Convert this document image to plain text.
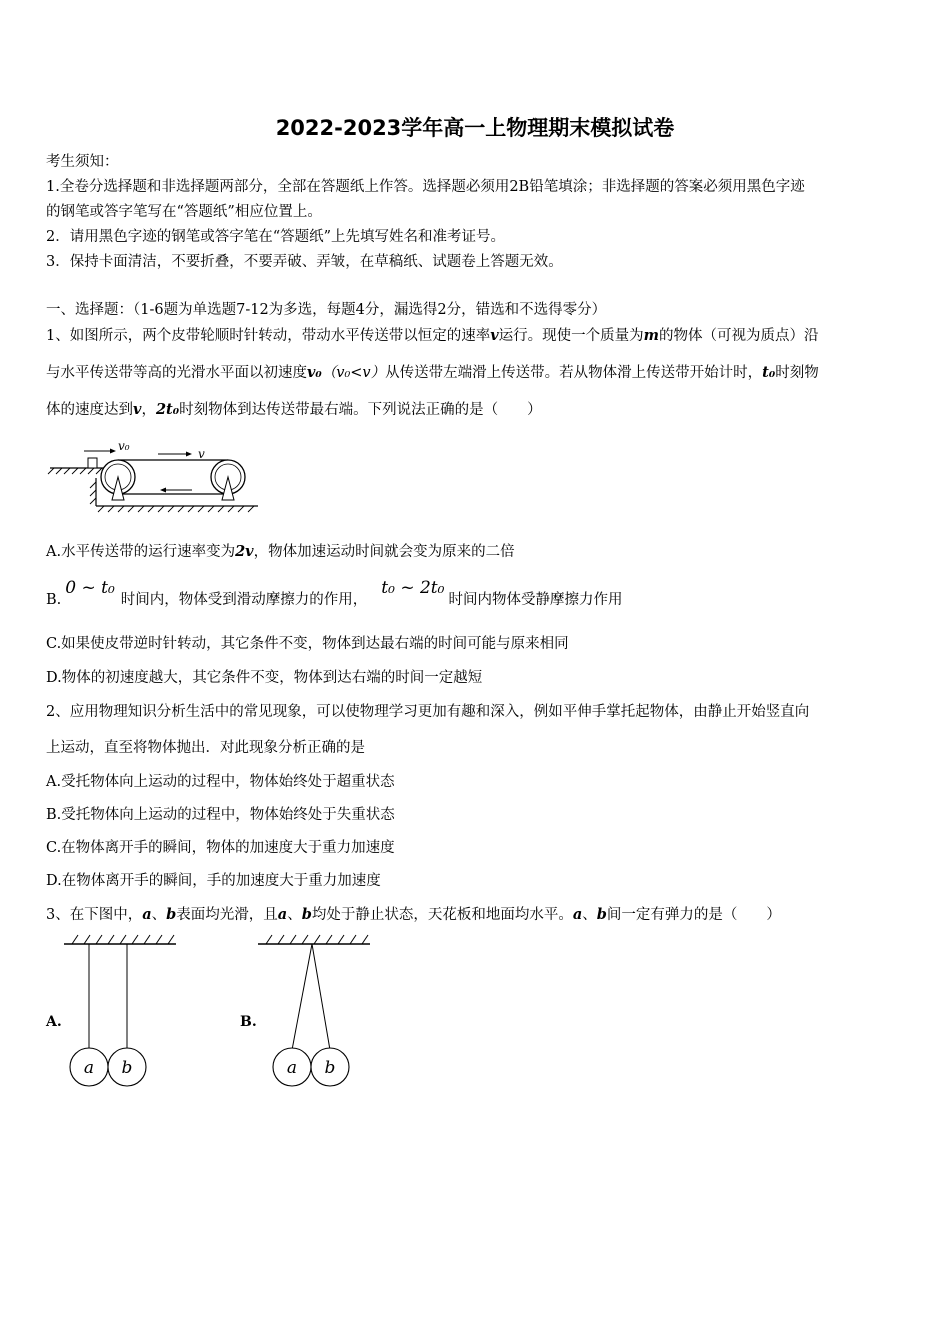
2022-2023学年高一上物理期末模拟试卷
考生须知：
1.全卷分选择题和非选择题两部分，全部在答题纸上作答。选择题必须用2B铅笔填涂；非选择题的答案必须用黑色字迹
的钢笔或答字笔写在“答题纸”相应位置上。
2．请用黑色字迹的钢笔或答字笔在“答题纸”上先填写姓名和准考证号。
3．保持卡面清洁，不要折叠，不要弄破、弄皱，在草稿纸、试题卷上答题无效。
一、选择题：（1-6题为单选题7-12为多选，每题4分，漏选得2分，错选和不选得零分）
1、如图所示，两个皮带轮顺时针转动，带动水平传送带以恒定的速率v运行。现使一个质量为m的物体（可视为质点）沿
与水平传送带等高的光滑水平面以初速度v₀（v₀<v）从传送带左端滑上传送带。若从物体滑上传送带开始计时，t₀时刻物
体的速度达到v，2t₀时刻物体到达传送带最右端。下列说法正确的是（　　）
v₀
v
A.水平传送带的运行速率变为2v，物体加速运动时间就会变为原来的二倍
B.0 ~ t₀时间内，物体受到滑动摩擦力的作用，t₀ ~ 2t₀时间内物体受静摩擦力作用
C.如果使皮带逆时针转动，其它条件不变，物体到达最右端的时间可能与原来相同
D.物体的初速度越大，其它条件不变，物体到达右端的时间一定越短
2、应用物理知识分析生活中的常见现象，可以使物理学习更加有趣和深入，例如平伸手掌托起物体，由静止开始竖直向
上运动，直至将物体抛出．对此现象分析正确的是
A.受托物体向上运动的过程中，物体始终处于超重状态
B.受托物体向上运动的过程中，物体始终处于失重状态
C.在物体离开手的瞬间，物体的加速度大于重力加速度
D.在物体离开手的瞬间，手的加速度大于重力加速度
3、在下图中，a、b表面均光滑，且a、b均处于静止状态，天花板和地面均水平。a、b间一定有弹力的是（　　）
A.
a b
B.
a b
